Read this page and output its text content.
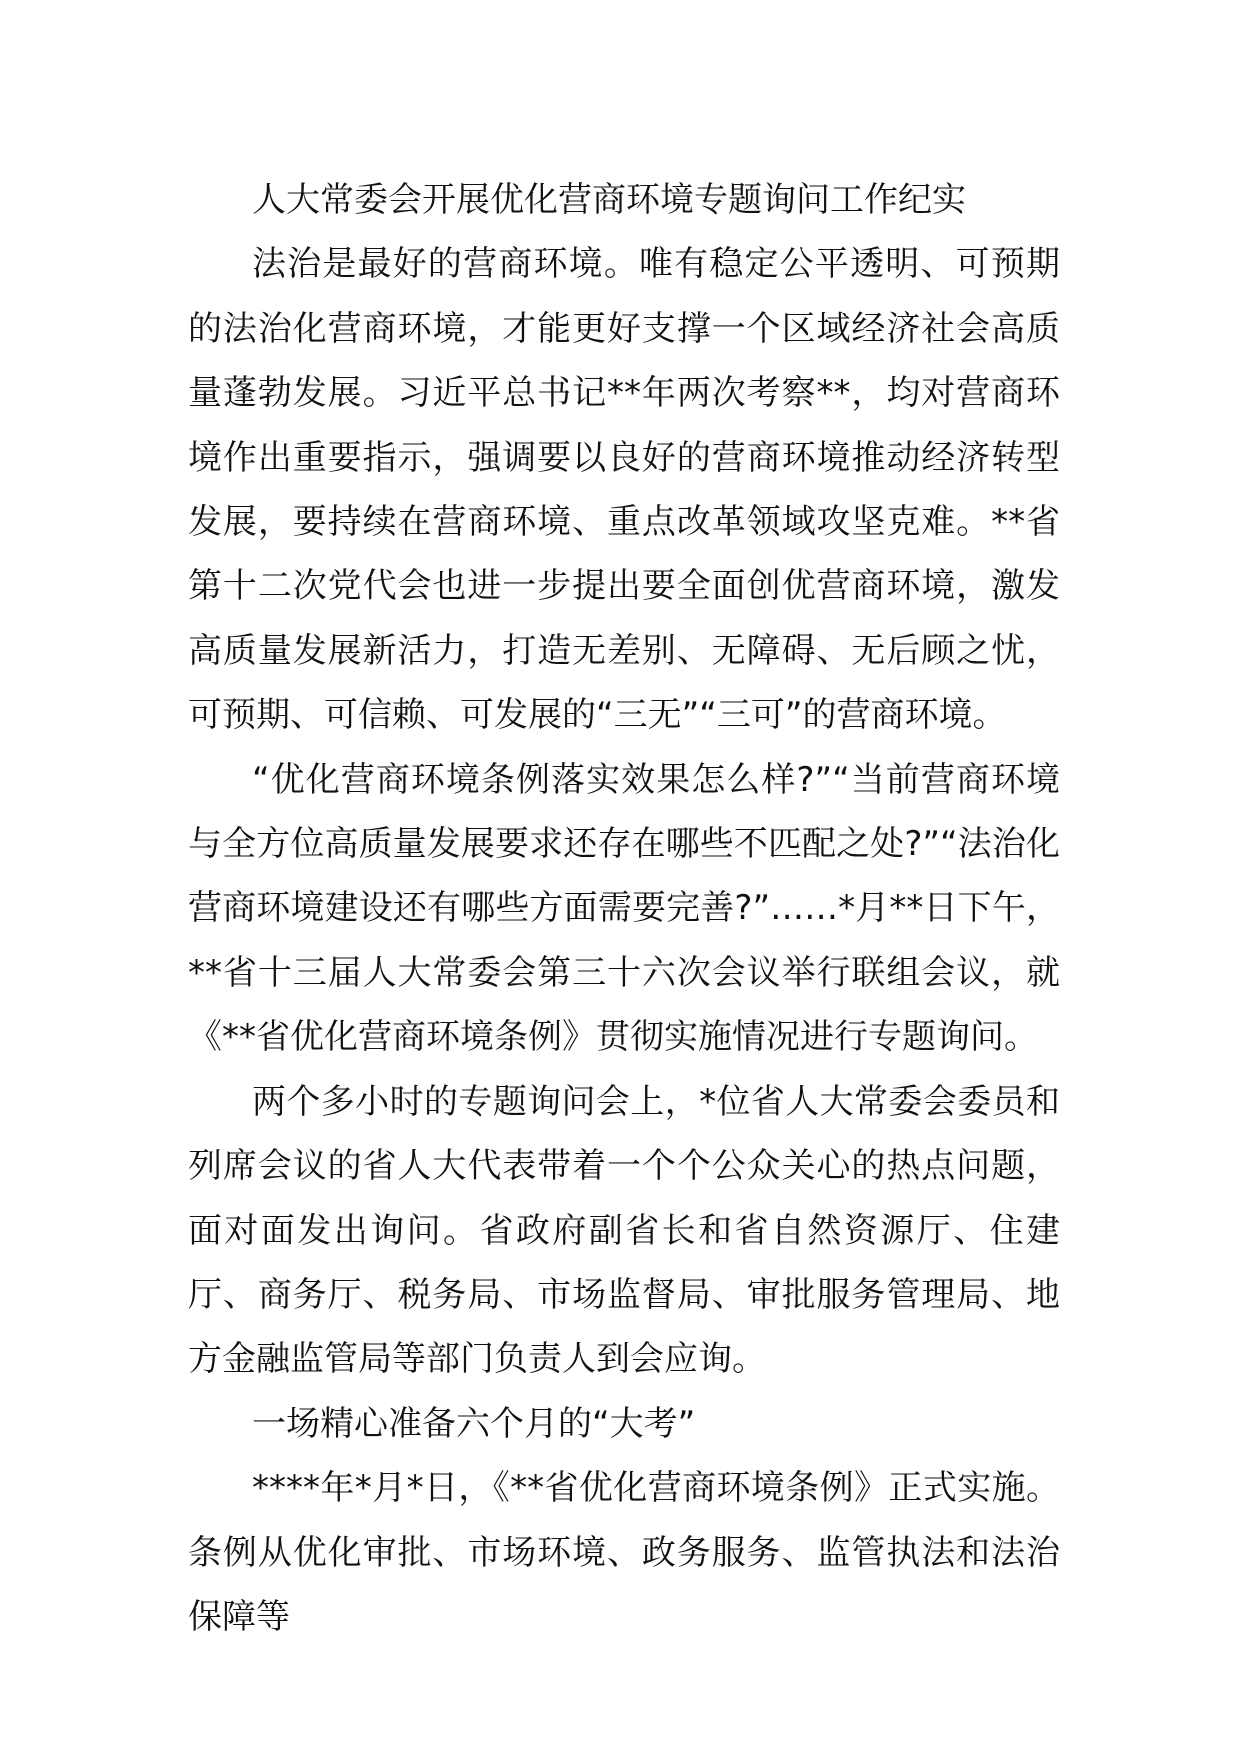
人大常委会开展优化营商环境专题询问工作纪实

法治是最好的营商环境。唯有稳定公平透明、可预期的法治化营商环境，才能更好支撑一个区域经济社会高质量蓬勃发展。习近平总书记**年两次考察**，均对营商环境作出重要指示，强调要以良好的营商环境推动经济转型发展，要持续在营商环境、重点改革领域攻坚克难。**省第十二次党代会也进一步提出要全面创优营商环境，激发高质量发展新活力，打造无差别、无障碍、无后顾之忧，可预期、可信赖、可发展的“三无”“三可”的营商环境。

“优化营商环境条例落实效果怎么样?”“当前营商环境与全方位高质量发展要求还存在哪些不匹配之处?”“法治化营商环境建设还有哪些方面需要完善?”……*月**日下午，**省十三届人大常委会第三十六次会议举行联组会议，就《**省优化营商环境条例》贯彻实施情况进行专题询问。

两个多小时的专题询问会上，*位省人大常委会委员和列席会议的省人大代表带着一个个公众关心的热点问题，面对面发出询问。省政府副省长和省自然资源厅、住建厅、商务厅、税务局、市场监督局、审批服务管理局、地方金融监管局等部门负责人到会应询。

一场精心准备六个月的“大考”

****年*月*日，《**省优化营商环境条例》正式实施。条例从优化审批、市场环境、政务服务、监管执法和法治保障等
